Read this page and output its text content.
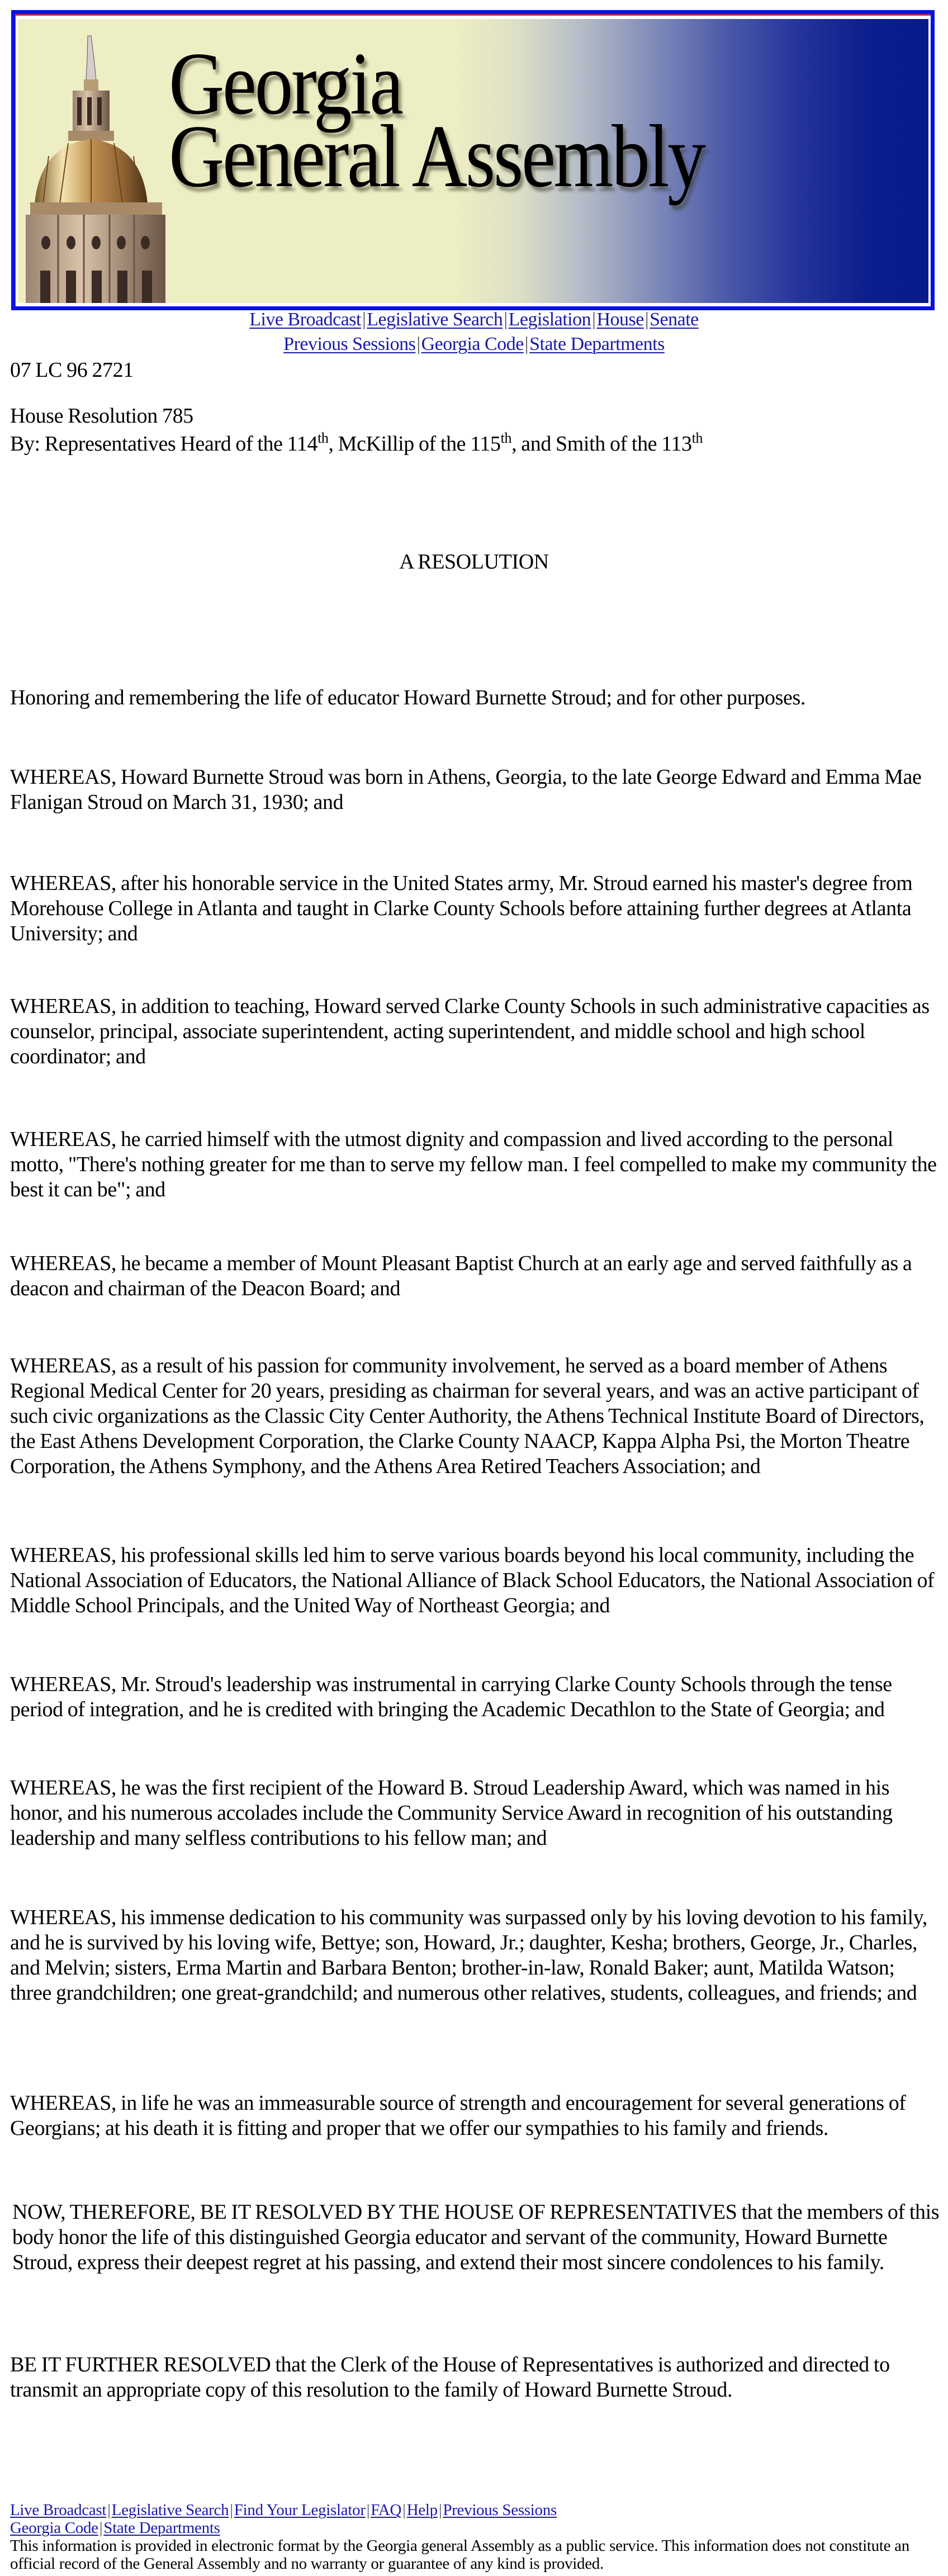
Georgia
General Assembly
Live Broadcast|Legislative Search|Legislation|House|Senate
Previous Sessions|Georgia Code|State Departments
07 LC 96 2721
House Resolution 785
By: Representatives Heard of the 114th, McKillip of the 115th, and Smith of the 113th
A RESOLUTION
Honoring and remembering the life of educator Howard Burnette Stroud; and for other purposes.
WHEREAS, Howard Burnette Stroud was born in Athens, Georgia, to the late George Edward and Emma Mae Flanigan Stroud on March 31, 1930; and
WHEREAS, after his honorable service in the United States army, Mr. Stroud earned his master's degree from Morehouse College in Atlanta and taught in Clarke County Schools before attaining further degrees at Atlanta University; and
WHEREAS, in addition to teaching, Howard served Clarke County Schools in such administrative capacities as counselor, principal, associate superintendent, acting superintendent, and middle school and high school coordinator; and
WHEREAS, he carried himself with the utmost dignity and compassion and lived according to the personal motto, "There's nothing greater for me than to serve my fellow man. I feel compelled to make my community the best it can be"; and
WHEREAS, he became a member of Mount Pleasant Baptist Church at an early age and served faithfully as a deacon and chairman of the Deacon Board; and
WHEREAS, as a result of his passion for community involvement, he served as a board member of Athens Regional Medical Center for 20 years, presiding as chairman for several years, and was an active participant of such civic organizations as the Classic City Center Authority, the Athens Technical Institute Board of Directors, the East Athens Development Corporation, the Clarke County NAACP, Kappa Alpha Psi, the Morton Theatre Corporation, the Athens Symphony, and the Athens Area Retired Teachers Association; and
WHEREAS, his professional skills led him to serve various boards beyond his local community, including the National Association of Educators, the National Alliance of Black School Educators, the National Association of Middle School Principals, and the United Way of Northeast Georgia; and
WHEREAS, Mr. Stroud's leadership was instrumental in carrying Clarke County Schools through the tense period of integration, and he is credited with bringing the Academic Decathlon to the State of Georgia; and
WHEREAS, he was the first recipient of the Howard B. Stroud Leadership Award, which was named in his honor, and his numerous accolades include the Community Service Award in recognition of his outstanding leadership and many selfless contributions to his fellow man; and
WHEREAS, his immense dedication to his community was surpassed only by his loving devotion to his family, and he is survived by his loving wife, Bettye; son, Howard, Jr.; daughter, Kesha; brothers, George, Jr., Charles, and Melvin; sisters, Erma Martin and Barbara Benton; brother-in-law, Ronald Baker; aunt, Matilda Watson; three grandchildren; one great-grandchild; and numerous other relatives, students, colleagues, and friends; and
WHEREAS, in life he was an immeasurable source of strength and encouragement for several generations of Georgians; at his death it is fitting and proper that we offer our sympathies to his family and friends.
NOW, THEREFORE, BE IT RESOLVED BY THE HOUSE OF REPRESENTATIVES that the members of this body honor the life of this distinguished Georgia educator and servant of the community, Howard Burnette Stroud, express their deepest regret at his passing, and extend their most sincere condolences to his family.
BE IT FURTHER RESOLVED that the Clerk of the House of Representatives is authorized and directed to transmit an appropriate copy of this resolution to the family of Howard Burnette Stroud.
Live Broadcast|Legislative Search|Find Your Legislator|FAQ|Help|Previous Sessions
Georgia Code|State Departments
This information is provided in electronic format by the Georgia general Assembly as a public service. This information does not constitute an official record of the General Assembly and no warranty or guarantee of any kind is provided.
